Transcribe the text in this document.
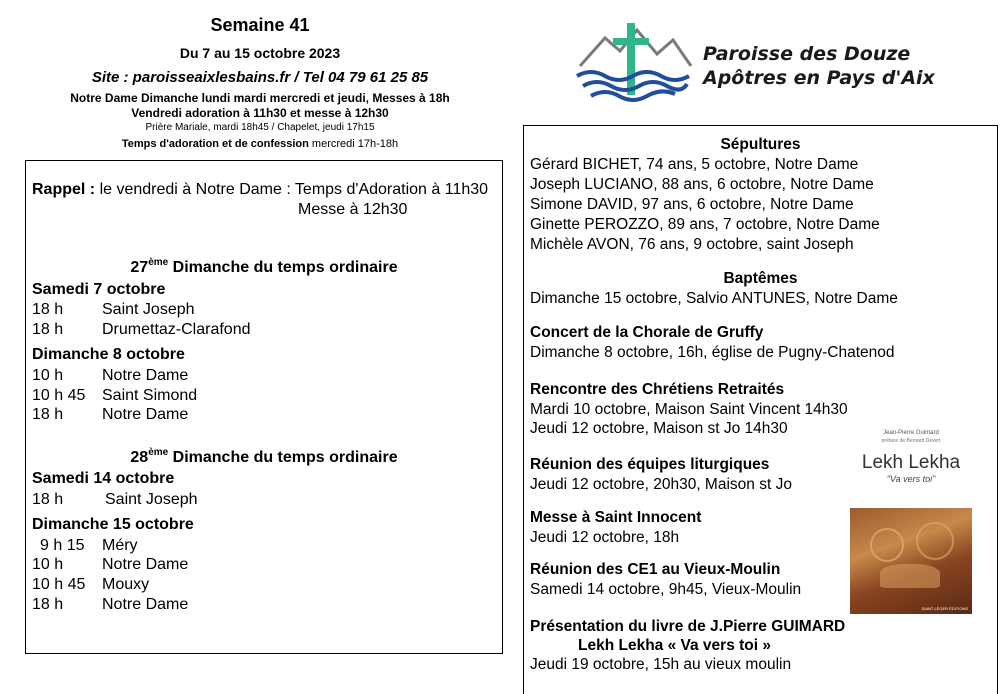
Semaine 41
Du 7 au 15 octobre 2023
Site : paroisseaixlesbains.fr / Tel 04 79 61 25 85
Notre Dame Dimanche lundi mardi mercredi et jeudi, Messes à 18h
Vendredi adoration à 11h30 et messe à 12h30
Prière Mariale, mardi 18h45 / Chapelet, jeudi 17h15
Temps d'adoration et de confession mercredi 17h-18h
Paroisse des Douze
Apôtres en Pays d'Aix
Rappel : le vendredi à Notre Dame : Temps d'Adoration à 11h30
Messe à 12h30
27ème Dimanche du temps ordinaire
Samedi 7 octobre
18 h Saint Joseph
18 h Drumettaz-Clarafond
Dimanche 8 octobre
10 h Notre Dame
10 h 45 Saint Simond
18 h Notre Dame
28ème Dimanche du temps ordinaire
Samedi 14 octobre
18 h	Saint Joseph
Dimanche 15 octobre
9 h 15 Méry
10 h Notre Dame
10 h 45 Mouxy
18 h Notre Dame
Sépultures
Gérard BICHET, 74 ans, 5 octobre, Notre Dame
Joseph LUCIANO, 88 ans, 6 octobre, Notre Dame
Simone DAVID, 97 ans, 6 octobre, Notre Dame
Ginette PEROZZO, 89 ans, 7 octobre, Notre Dame
Michèle AVON, 76 ans, 9 octobre, saint Joseph
Baptêmes
Dimanche 15 octobre, Salvio ANTUNES, Notre Dame
Concert de la Chorale de Gruffy
Dimanche 8 octobre, 16h, église de Pugny-Chatenod
Rencontre des Chrétiens Retraités
Mardi 10 octobre, Maison Saint Vincent 14h30
Jeudi 12 octobre, Maison st Jo 14h30
Réunion des équipes liturgiques
Jeudi 12 octobre, 20h30, Maison st Jo
Messe à Saint Innocent
Jeudi 12 octobre, 18h
Réunion des CE1 au Vieux-Moulin
Samedi 14 octobre, 9h45, Vieux-Moulin
Présentation du livre de J.Pierre GUIMARD
Lekh Lekha « Va vers toi »
Jeudi 19 octobre, 15h au vieux moulin
Jean-Pierre Guimard
préface de Bernard Devert
Lekh Lekha
"Va vers toi"
SAINT-LÉGER ÉDITIONS
